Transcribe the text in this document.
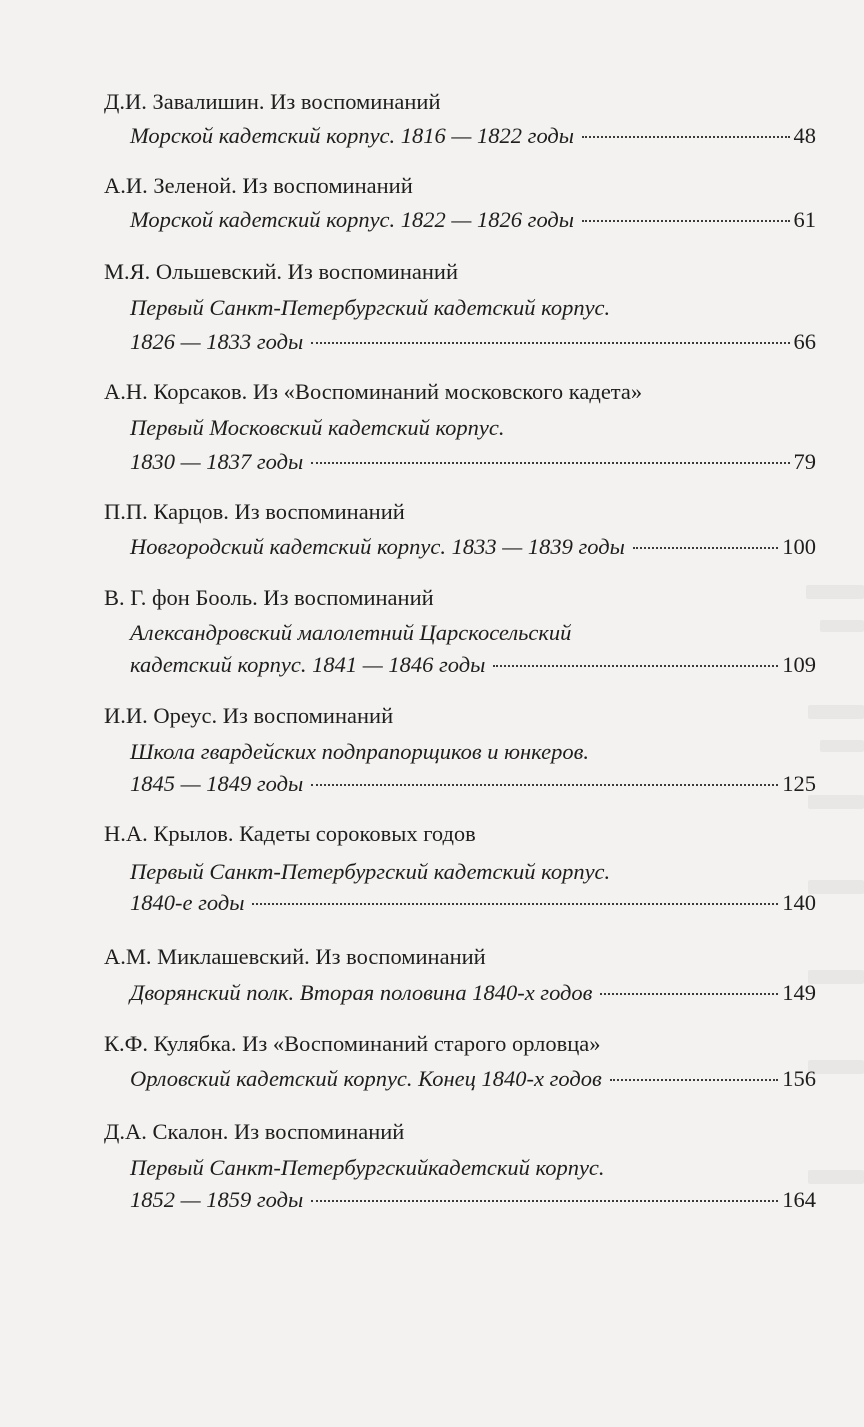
Д.И. Завалишин. Из воспоминаний
Морской кадетский корпус. 1816 — 1822 годы	48
А.И. Зеленой. Из воспоминаний
Морской кадетский корпус. 1822 — 1826 годы	61
М.Я. Ольшевский. Из воспоминаний
Первый Санкт-Петербургский кадетский корпус.
1826 — 1833 годы	66
А.Н. Корсаков. Из «Воспоминаний московского кадета»
Первый Московский кадетский корпус.
1830 — 1837 годы	79
П.П. Карцов. Из воспоминаний
Новгородский кадетский корпус. 1833 — 1839 годы	100
В. Г. фон Бооль. Из воспоминаний
Александровский малолетний Царскосельский
кадетский корпус. 1841 — 1846 годы	109
И.И. Ореус. Из воспоминаний
Школа гвардейских подпрапорщиков и юнкеров.
1845 — 1849 годы	125
Н.А. Крылов. Кадеты сороковых годов
Первый Санкт-Петербургский кадетский корпус.
1840-е годы	140
А.М. Миклашевский. Из воспоминаний
Дворянский полк. Вторая половина 1840-х годов	149
К.Ф. Кулябка. Из «Воспоминаний старого орловца»
Орловский кадетский корпус. Конец 1840-х годов	156
Д.А. Скалон. Из воспоминаний
Первый Санкт-Петербургскийкадетский корпус.
1852 — 1859 годы	164
